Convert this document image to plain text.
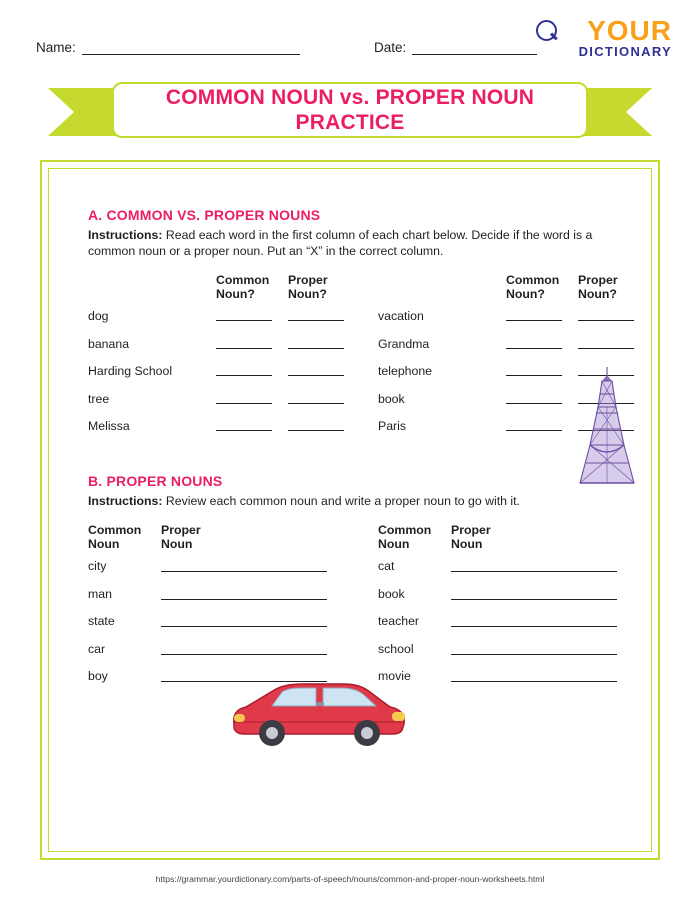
Name:	Date:
YOUR
DICTIONARY
COMMON NOUN vs. PROPER NOUN PRACTICE
A. COMMON VS. PROPER NOUNS

Instructions: Read each word in the first column of each chart below. Decide if the word is a common noun or a proper noun. Put an “X” in the correct column.

Common
Noun?
Proper
Noun?
dog
banana
Harding School
tree
Melissa
Common
Noun?
Proper
Noun?
vacation
Grandma
telephone
book
Paris
B. PROPER NOUNS

Instructions: Review each common noun and write a proper noun to go with it.

Common
Noun
Proper
Noun
city
man
state
car
boy
Common
Noun
Proper
Noun
cat
book
teacher
school
movie
https://grammar.yourdictionary.com/parts-of-speech/nouns/common-and-proper-noun-worksheets.html
